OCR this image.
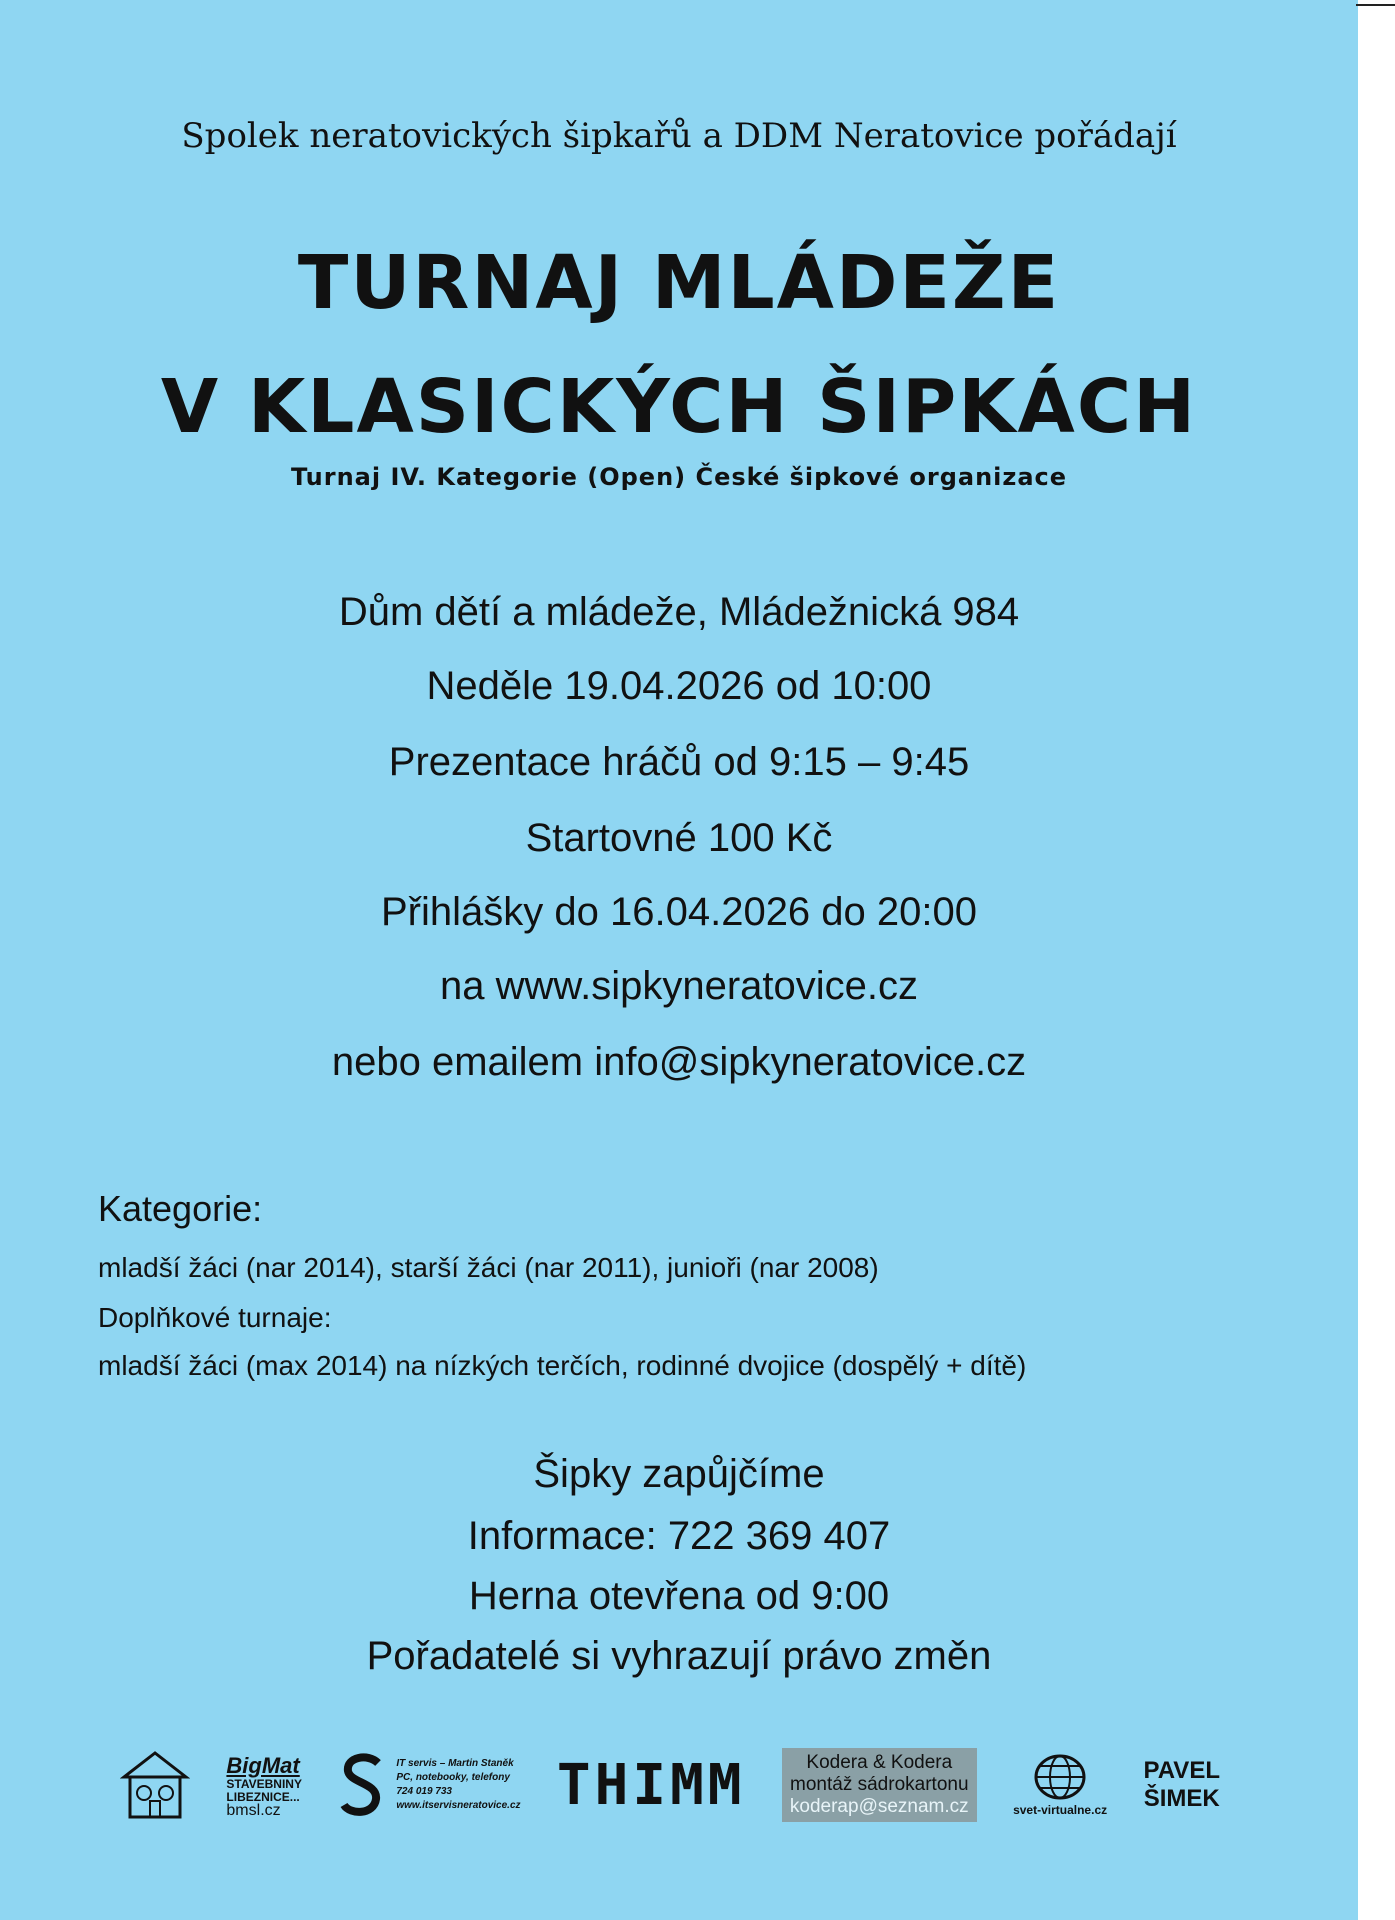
Spolek neratovických šipkařů a DDM Neratovice pořádají
TURNAJ MLÁDEŽE
V KLASICKÝCH ŠIPKÁCH
Turnaj IV. Kategorie (Open) České šipkové organizace
Dům dětí a mládeže, Mládežnická 984
Neděle 19.04.2026 od 10:00
Prezentace hráčů od 9:15 – 9:45
Startovné 100 Kč
Přihlášky do 16.04.2026 do 20:00
na www.sipkyneratovice.cz
nebo emailem info@sipkyneratovice.cz
Kategorie:
mladší žáci (nar 2014), starší žáci (nar 2011), junioři (nar 2008)
Doplňkové turnaje:
mladší žáci (max 2014) na nízkých terčích, rodinné dvojice (dospělý + dítě)
Šipky zapůjčíme
Informace: 722 369 407
Herna otevřena od 9:00
Pořadatelé si vyhrazují právo změn
BigMat
STAVEBNINY
LIBEZNICE...
bmsl.cz
IT servis – Martin Staněk
PC, notebooky, telefony
724 019 733
www.itservisneratovice.cz THIMM	Kodera & Kodera
montáž sádrokartonu
koderap@seznam.cz	svet-virtualne.cz
PAVEL
ŠIMEK
